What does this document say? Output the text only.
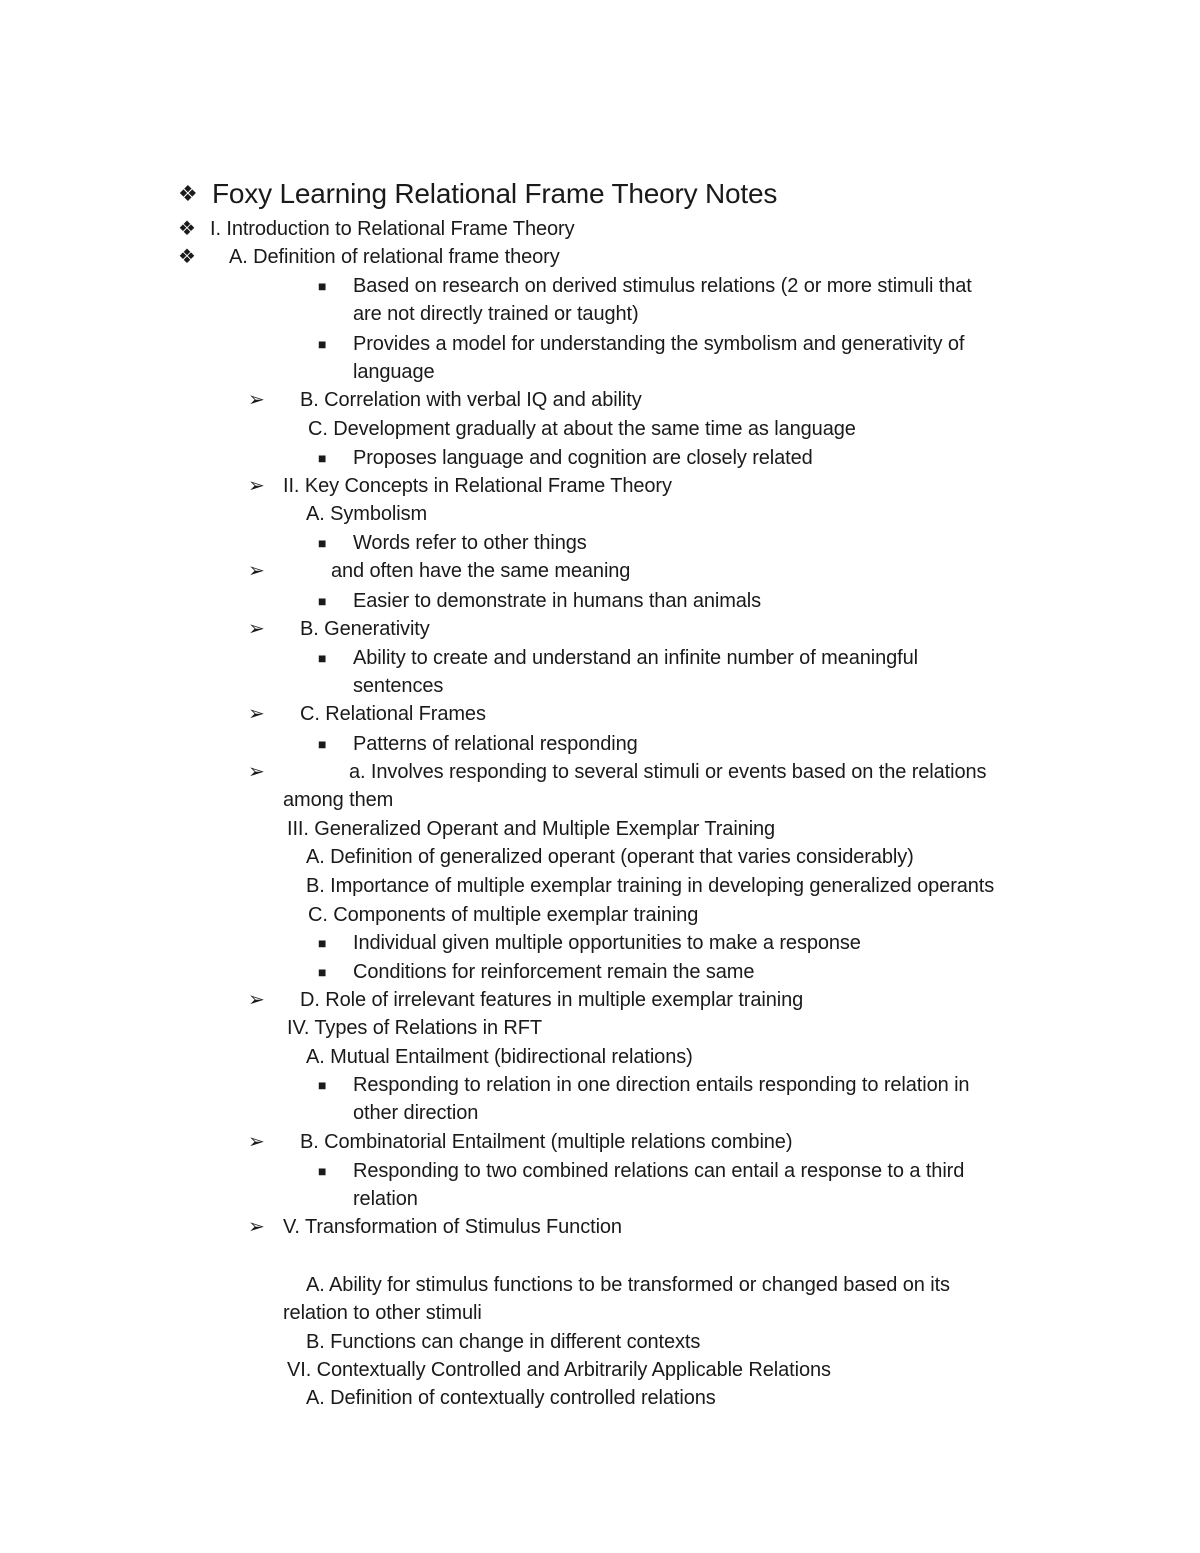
❖ Foxy Learning Relational Frame Theory Notes
❖ I. Introduction to Relational Frame Theory
❖ A. Definition of relational frame theory
■ Based on research on derived stimulus relations (2 or more stimuli that
are not directly trained or taught)
■ Provides a model for understanding the symbolism and generativity of
language
➢ B. Correlation with verbal IQ and ability
C. Development gradually at about the same time as language
■ Proposes language and cognition are closely related
➢ II. Key Concepts in Relational Frame Theory
A. Symbolism
■ Words refer to other things
➢	and often have the same meaning
■ Easier to demonstrate in humans than animals
➢ B. Generativity
■ Ability to create and understand an infinite number of meaningful
sentences
➢ C. Relational Frames
■ Patterns of relational responding
➢	a. Involves responding to several stimuli or events based on the relations
among them
III. Generalized Operant and Multiple Exemplar Training
A. Definition of generalized operant (operant that varies considerably)
B. Importance of multiple exemplar training in developing generalized operants
C. Components of multiple exemplar training
■ Individual given multiple opportunities to make a response
■ Conditions for reinforcement remain the same
➢ D. Role of irrelevant features in multiple exemplar training
IV. Types of Relations in RFT
A. Mutual Entailment (bidirectional relations)
■ Responding to relation in one direction entails responding to relation in
other direction
➢ B. Combinatorial Entailment (multiple relations combine)
■ Responding to two combined relations can entail a response to a third
relation
➢ V. Transformation of Stimulus Function
A. Ability for stimulus functions to be transformed or changed based on its
relation to other stimuli
B. Functions can change in different contexts
VI. Contextually Controlled and Arbitrarily Applicable Relations
A. Definition of contextually controlled relations
